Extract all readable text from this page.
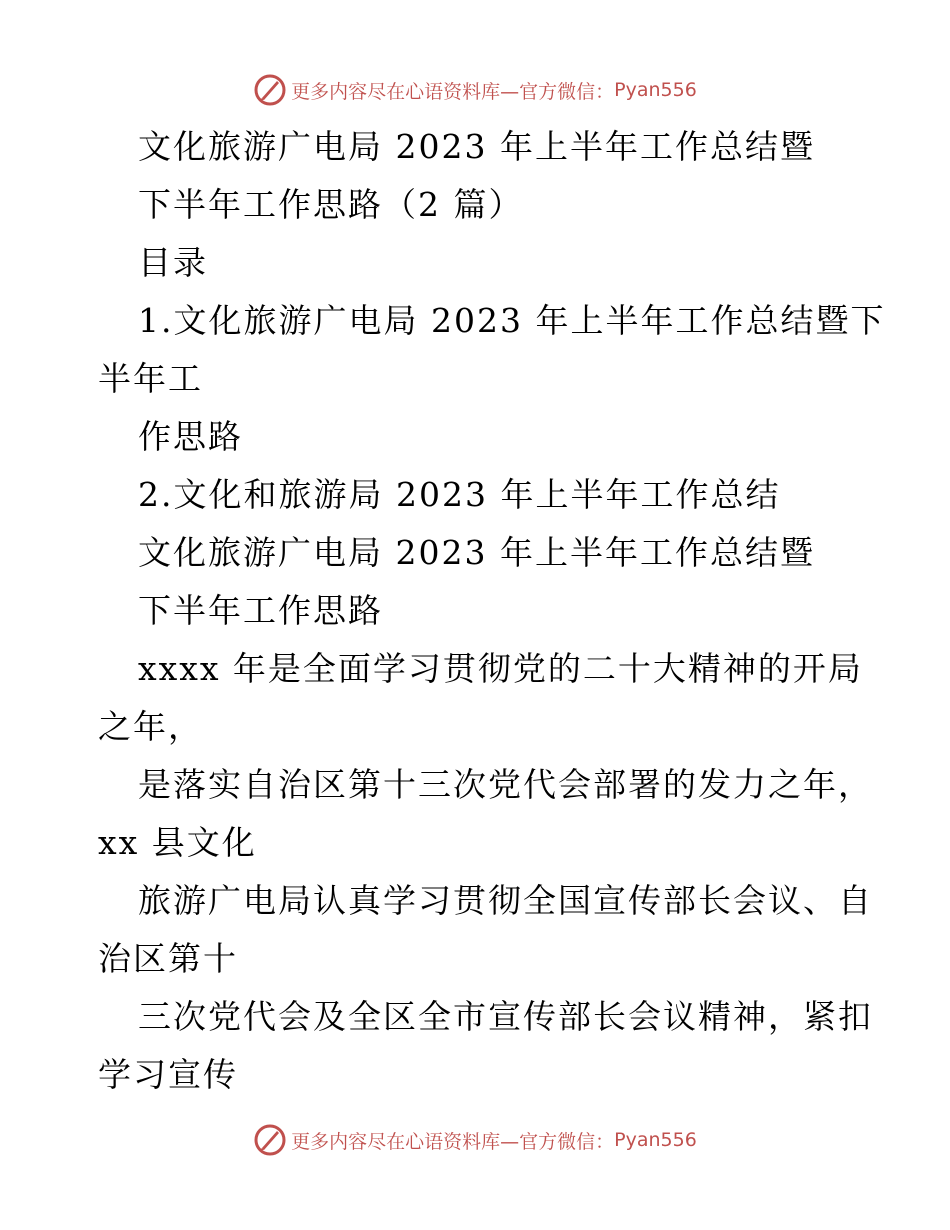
更多内容尽在心语资料库—官方微信： Pyan556
文化旅游广电局 2023 年上半年工作总结暨
下半年工作思路（2 篇）
目录
1.文化旅游广电局 2023 年上半年工作总结暨下
半年工
作思路
2.文化和旅游局 2023 年上半年工作总结
文化旅游广电局 2023 年上半年工作总结暨
下半年工作思路
xxxx 年是全面学习贯彻党的二十大精神的开局
之年，
是落实自治区第十三次党代会部署的发力之年，
xx 县文化
旅游广电局认真学习贯彻全国宣传部长会议、自
治区第十
三次党代会及全区全市宣传部长会议精神，紧扣
学习宣传
更多内容尽在心语资料库—官方微信： Pyan556
